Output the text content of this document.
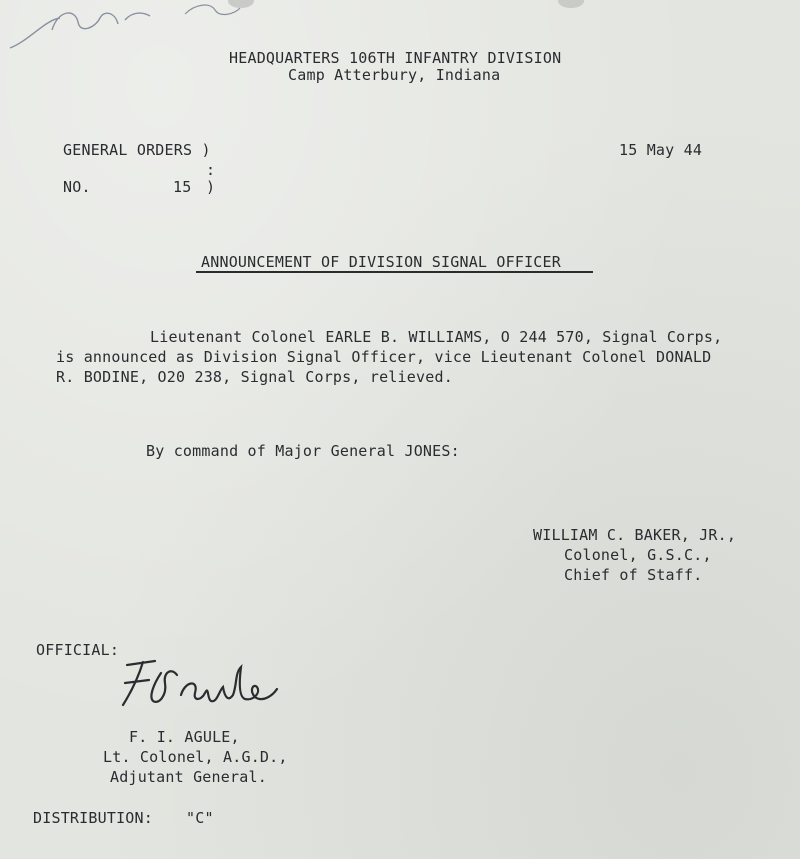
HEADQUARTERS 106TH INFANTRY DIVISION
Camp Atterbury, Indiana
GENERAL ORDERS )	15 May 44
:
NO.	15 )
ANNOUNCEMENT OF DIVISION SIGNAL OFFICER
Lieutenant Colonel EARLE B. WILLIAMS, O 244 570, Signal Corps,
is announced as Division Signal Officer, vice Lieutenant Colonel DONALD
R. BODINE, O20 238, Signal Corps, relieved.
By command of Major General JONES:
WILLIAM C. BAKER, JR.,
Colonel, G.S.C.,
Chief of Staff.
OFFICIAL:
F. I. AGULE,
Lt. Colonel, A.G.D.,
Adjutant General.
DISTRIBUTION: "C"
